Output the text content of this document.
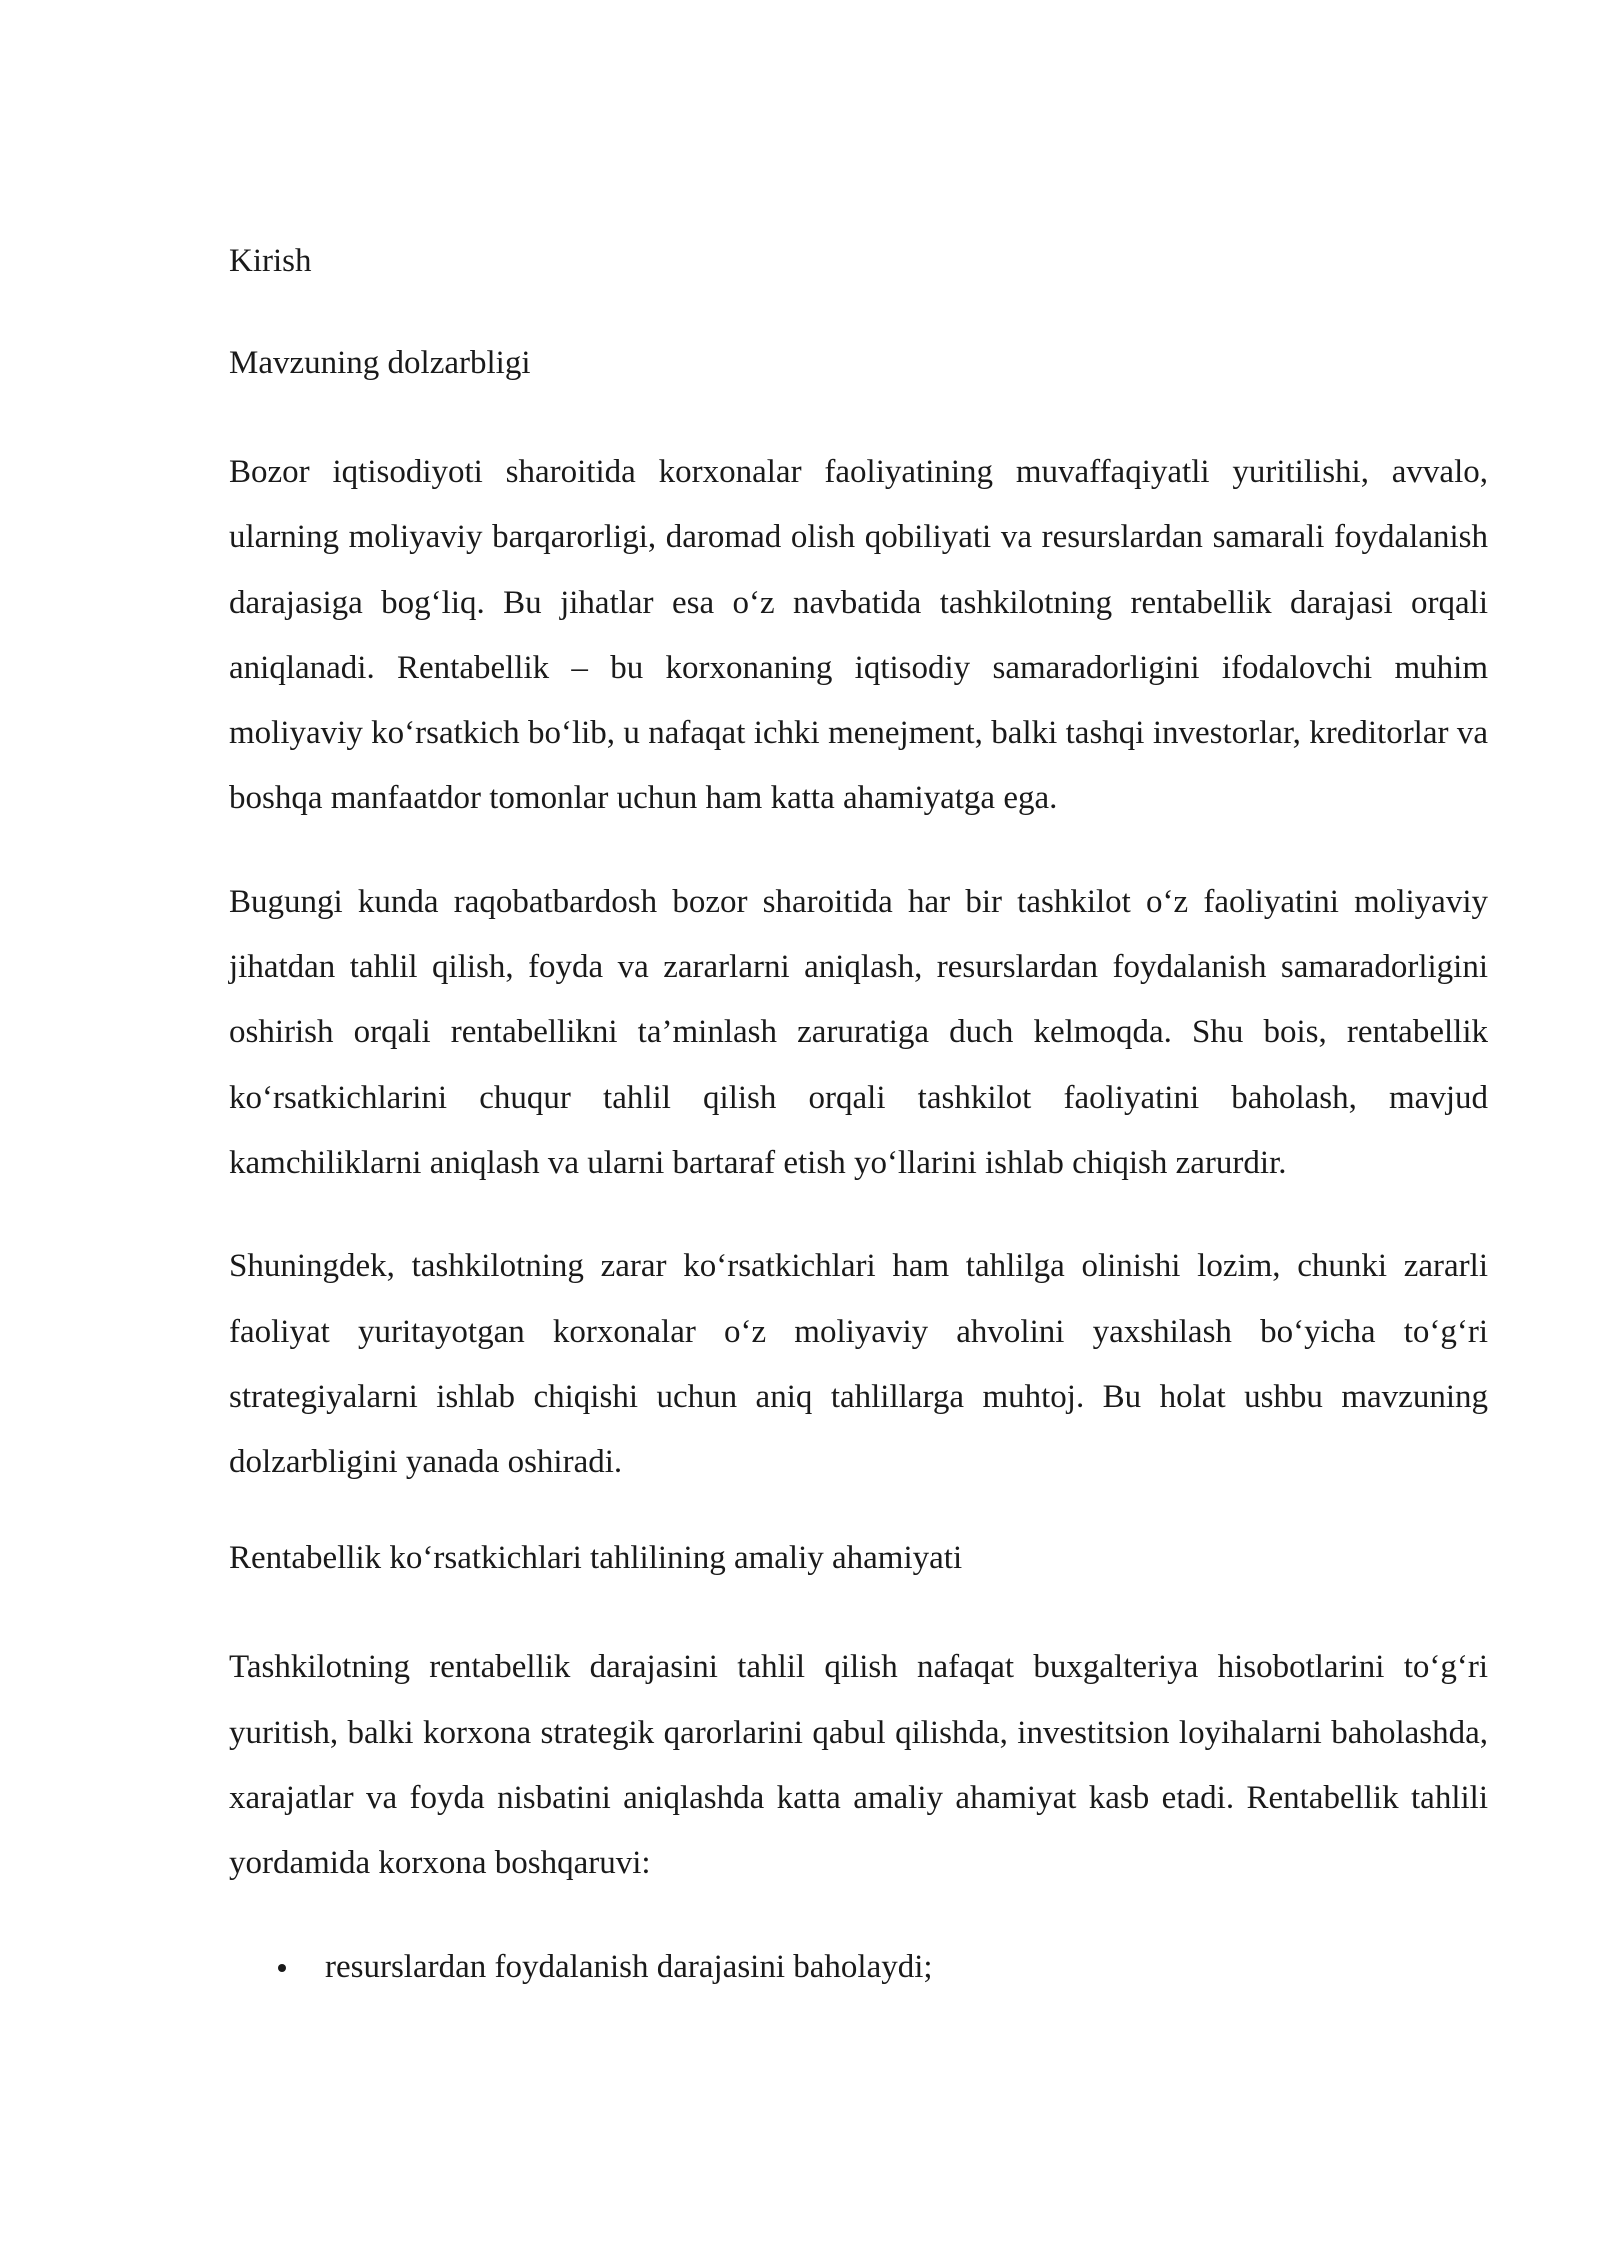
Kirish
Mavzuning dolzarbligi

Bozor iqtisodiyoti sharoitida korxonalar faoliyatining muvaffaqiyatli yuritilishi, avvalo, ularning moliyaviy barqarorligi, daromad olish qobiliyati va resurslardan samarali foydalanish darajasiga bog‘liq. Bu jihatlar esa o‘z navbatida tashkilotning rentabellik darajasi orqali aniqlanadi. Rentabellik – bu korxonaning iqtisodiy samaradorligini ifodalovchi muhim moliyaviy ko‘rsatkich bo‘lib, u nafaqat ichki menejment, balki tashqi investorlar, kreditorlar va boshqa manfaatdor tomonlar uchun ham katta ahamiyatga ega.

Bugungi kunda raqobatbardosh bozor sharoitida har bir tashkilot o‘z faoliyatini moliyaviy jihatdan tahlil qilish, foyda va zararlarni aniqlash, resurslardan foydalanish samaradorligini oshirish orqali rentabellikni ta’minlash zaruratiga duch kelmoqda. Shu bois, rentabellik ko‘rsatkichlarini chuqur tahlil qilish orqali tashkilot faoliyatini baholash, mavjud kamchiliklarni aniqlash va ularni bartaraf etish yo‘llarini ishlab chiqish zarurdir.

Shuningdek, tashkilotning zarar ko‘rsatkichlari ham tahlilga olinishi lozim, chunki zararli faoliyat yuritayotgan korxonalar o‘z moliyaviy ahvolini yaxshilash bo‘yicha to‘g‘ri strategiyalarni ishlab chiqishi uchun aniq tahlillarga muhtoj. Bu holat ushbu mavzuning dolzarbligini yanada oshiradi.

Rentabellik ko‘rsatkichlari tahlilining amaliy ahamiyati

Tashkilotning rentabellik darajasini tahlil qilish nafaqat buxgalteriya hisobotlarini to‘g‘ri yuritish, balki korxona strategik qarorlarini qabul qilishda, investitsion loyihalarni baholashda, xarajatlar va foyda nisbatini aniqlashda katta amaliy ahamiyat kasb etadi. Rentabellik tahlili yordamida korxona boshqaruvi:

resurslardan foydalanish darajasini baholaydi;
